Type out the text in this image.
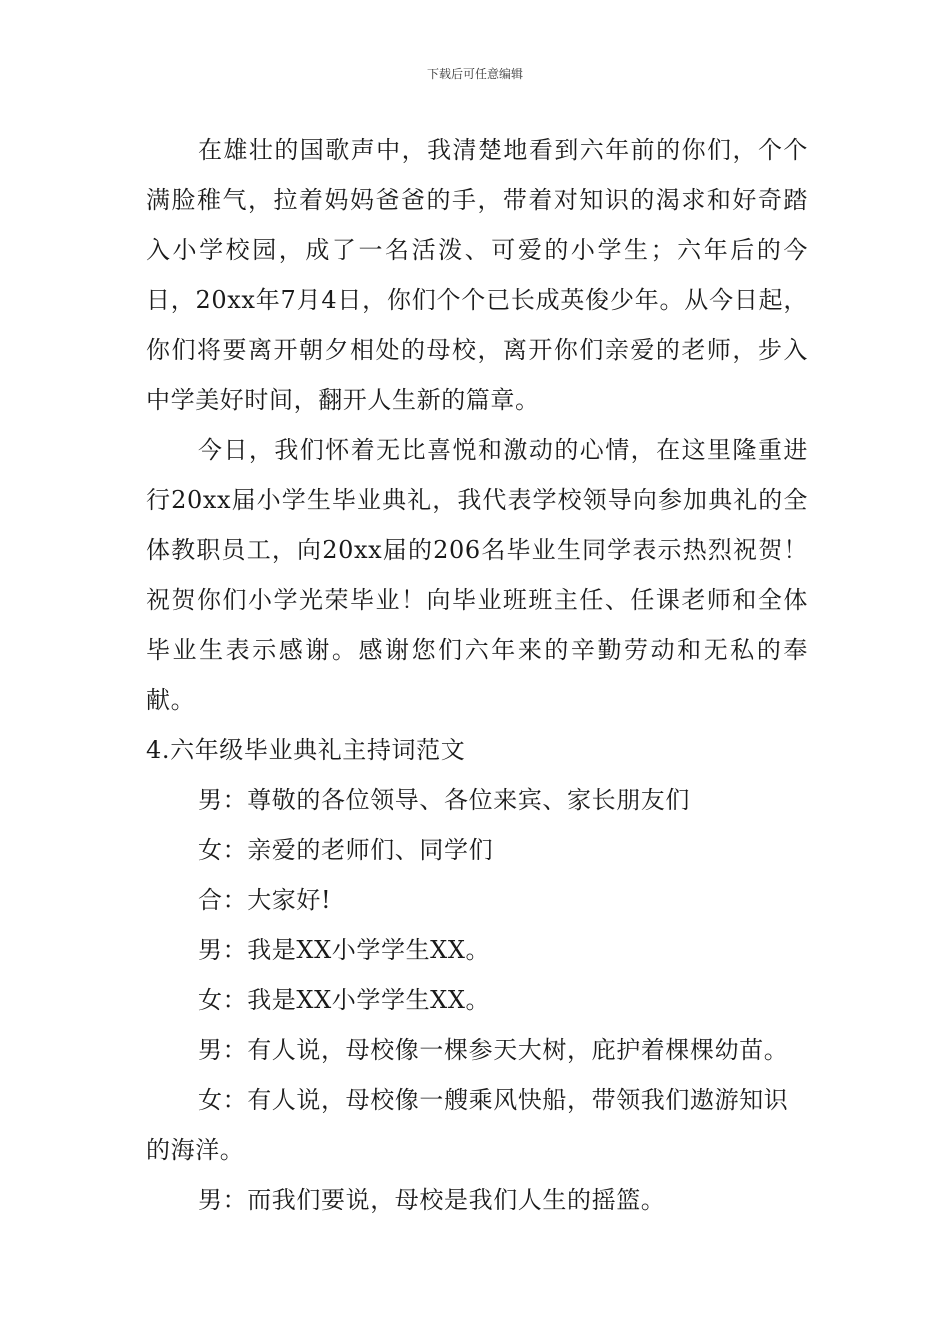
下载后可任意编辑

在雄壮的国歌声中，我清楚地看到六年前的你们，个个满脸稚气，拉着妈妈爸爸的手，带着对知识的渴求和好奇踏入小学校园，成了一名活泼、可爱的小学生；六年后的今日，20xx年7月4日，你们个个已长成英俊少年。从今日起，你们将要离开朝夕相处的母校，离开你们亲爱的老师，步入中学美好时间，翻开人生新的篇章。

今日，我们怀着无比喜悦和激动的心情，在这里隆重进行20xx届小学生毕业典礼，我代表学校领导向参加典礼的全体教职员工，向20xx届的206名毕业生同学表示热烈祝贺！祝贺你们小学光荣毕业！向毕业班班主任、任课老师和全体毕业生表示感谢。感谢您们六年来的辛勤劳动和无私的奉献。

4.六年级毕业典礼主持词范文

男：尊敬的各位领导、各位来宾、家长朋友们

女：亲爱的老师们、同学们

合：大家好!

男：我是XX小学学生XX。

女：我是XX小学学生XX。

男：有人说，母校像一棵参天大树，庇护着棵棵幼苗。

女：有人说，母校像一艘乘风快船，带领我们遨游知识的海洋。

男：而我们要说，母校是我们人生的摇篮。
